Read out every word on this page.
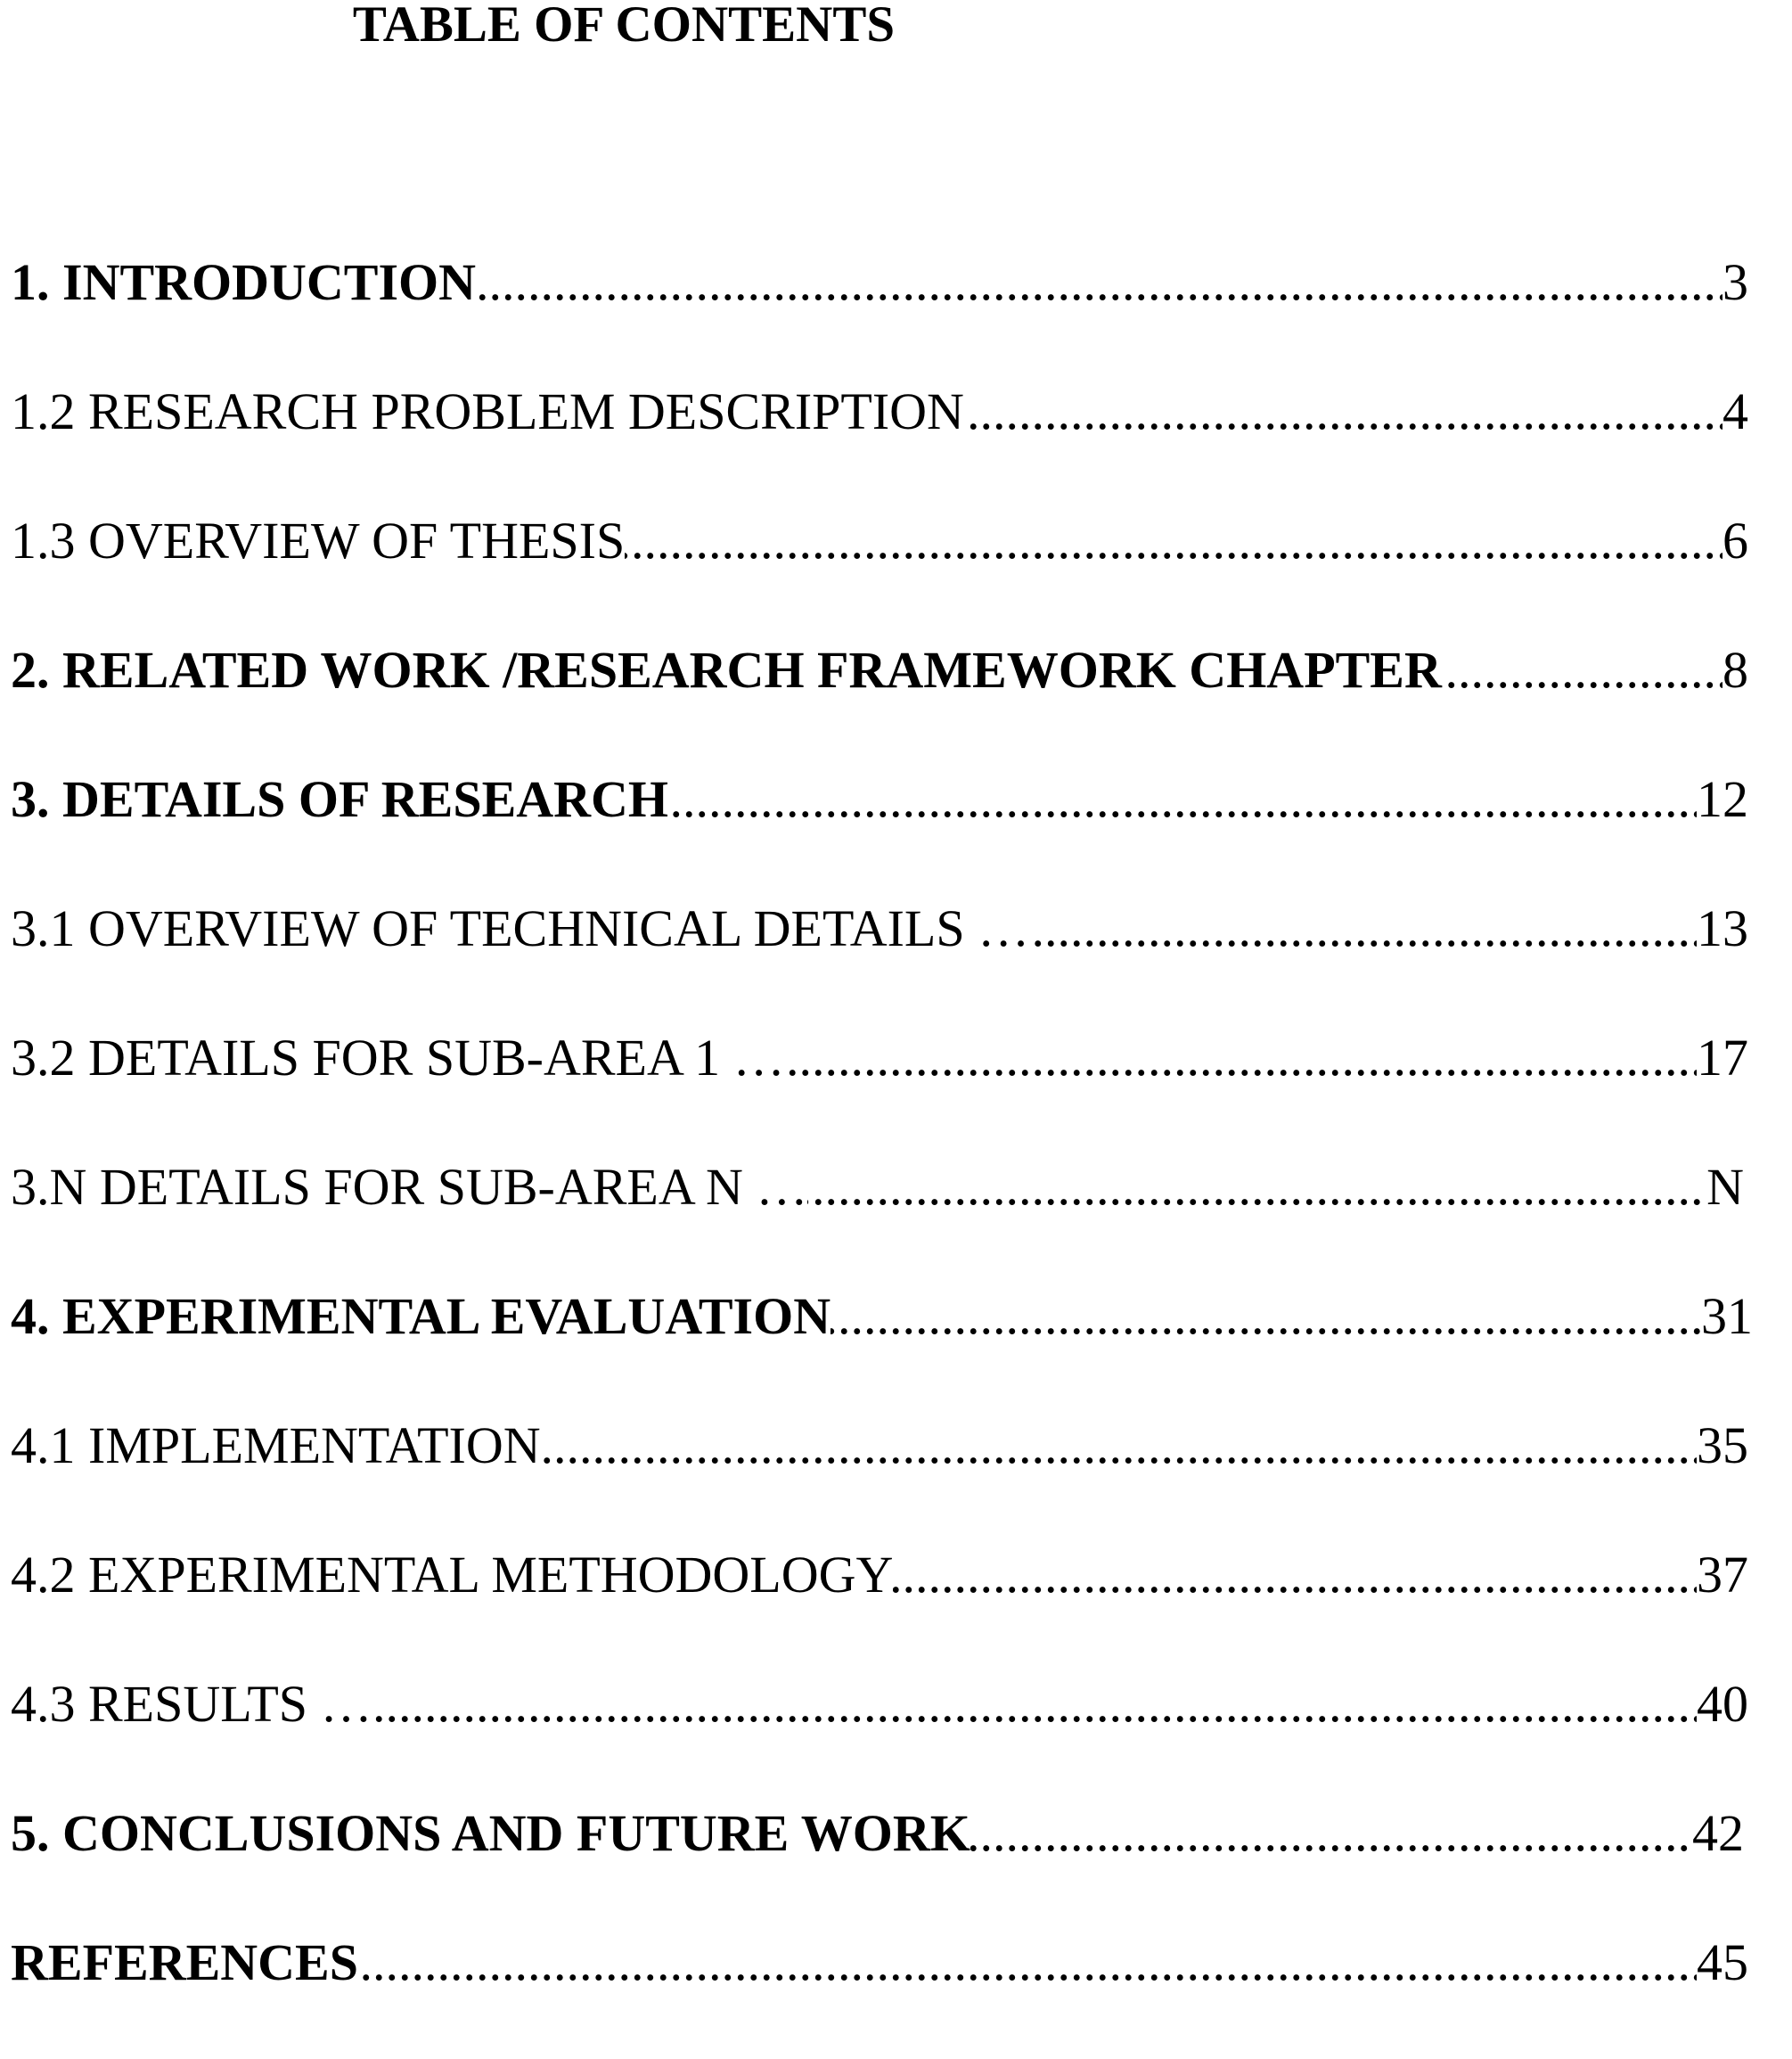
TABLE OF CONTENTS
.....
1. INTRODUCTION	3
.....
1.2 RESEARCH PROBLEM DESCRIPTION	4
.....
1.3 OVERVIEW OF THESIS	6
.....
2. RELATED WORK /RESEARCH FRAMEWORK CHAPTER	8
.....
3. DETAILS OF RESEARCH	12
.....
3.1 OVERVIEW OF TECHNICAL DETAILS …	13
.....
3.2 DETAILS FOR SUB-AREA 1 …	17
.....
3.N DETAILS FOR SUB-AREA N …	N
.....
4. EXPERIMENTAL EVALUATION	31
.....
4.1 IMPLEMENTATION	35
.....
4.2 EXPERIMENTAL METHODOLOGY	37
.....
4.3 RESULTS …	40
.....
5. CONCLUSIONS AND FUTURE WORK	42
.....
REFERENCES	45
